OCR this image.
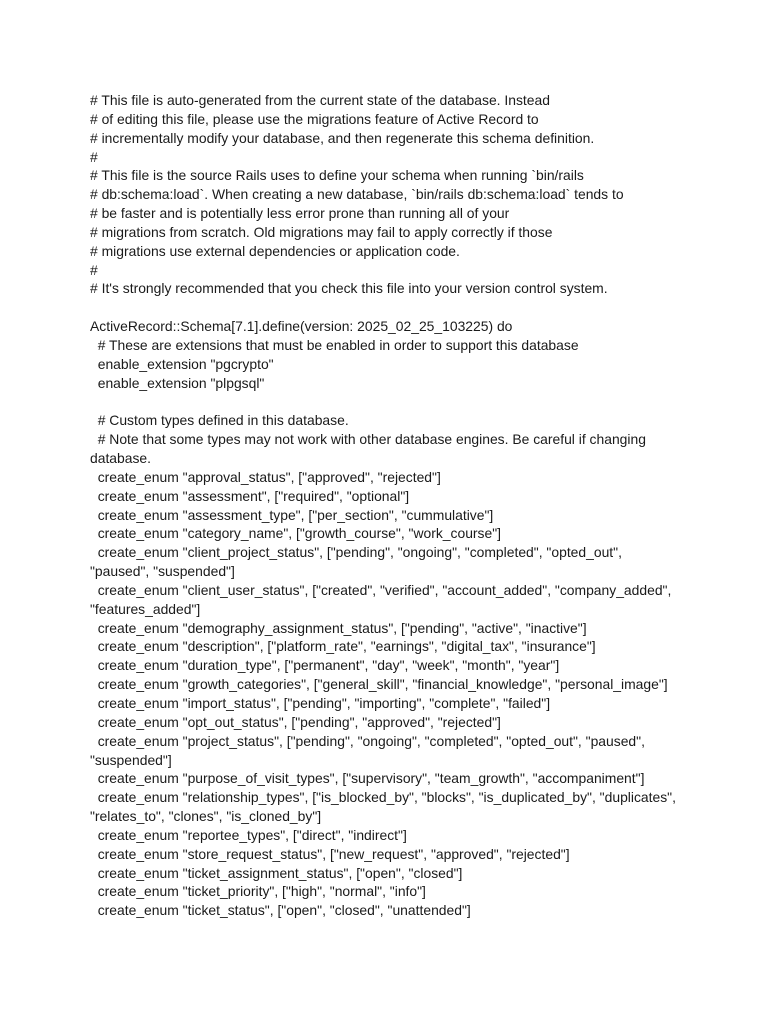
# This file is auto-generated from the current state of the database. Instead
# of editing this file, please use the migrations feature of Active Record to
# incrementally modify your database, and then regenerate this schema definition.
#
# This file is the source Rails uses to define your schema when running `bin/rails
# db:schema:load`. When creating a new database, `bin/rails db:schema:load` tends to
# be faster and is potentially less error prone than running all of your
# migrations from scratch. Old migrations may fail to apply correctly if those
# migrations use external dependencies or application code.
#
# It's strongly recommended that you check this file into your version control system.
ActiveRecord::Schema[7.1].define(version: 2025_02_25_103225) do
# These are extensions that must be enabled in order to support this database
enable_extension "pgcrypto"
enable_extension "plpgsql"
# Custom types defined in this database.
# Note that some types may not work with other database engines. Be careful if changing
database.
create_enum "approval_status", ["approved", "rejected"]
create_enum "assessment", ["required", "optional"]
create_enum "assessment_type", ["per_section", "cummulative"]
create_enum "category_name", ["growth_course", "work_course"]
create_enum "client_project_status", ["pending", "ongoing", "completed", "opted_out",
"paused", "suspended"]
create_enum "client_user_status", ["created", "verified", "account_added", "company_added",
"features_added"]
create_enum "demography_assignment_status", ["pending", "active", "inactive"]
create_enum "description", ["platform_rate", "earnings", "digital_tax", "insurance"]
create_enum "duration_type", ["permanent", "day", "week", "month", "year"]
create_enum "growth_categories", ["general_skill", "financial_knowledge", "personal_image"]
create_enum "import_status", ["pending", "importing", "complete", "failed"]
create_enum "opt_out_status", ["pending", "approved", "rejected"]
create_enum "project_status", ["pending", "ongoing", "completed", "opted_out", "paused",
"suspended"]
create_enum "purpose_of_visit_types", ["supervisory", "team_growth", "accompaniment"]
create_enum "relationship_types", ["is_blocked_by", "blocks", "is_duplicated_by", "duplicates",
"relates_to", "clones", "is_cloned_by"]
create_enum "reportee_types", ["direct", "indirect"]
create_enum "store_request_status", ["new_request", "approved", "rejected"]
create_enum "ticket_assignment_status", ["open", "closed"]
create_enum "ticket_priority", ["high", "normal", "info"]
create_enum "ticket_status", ["open", "closed", "unattended"]
